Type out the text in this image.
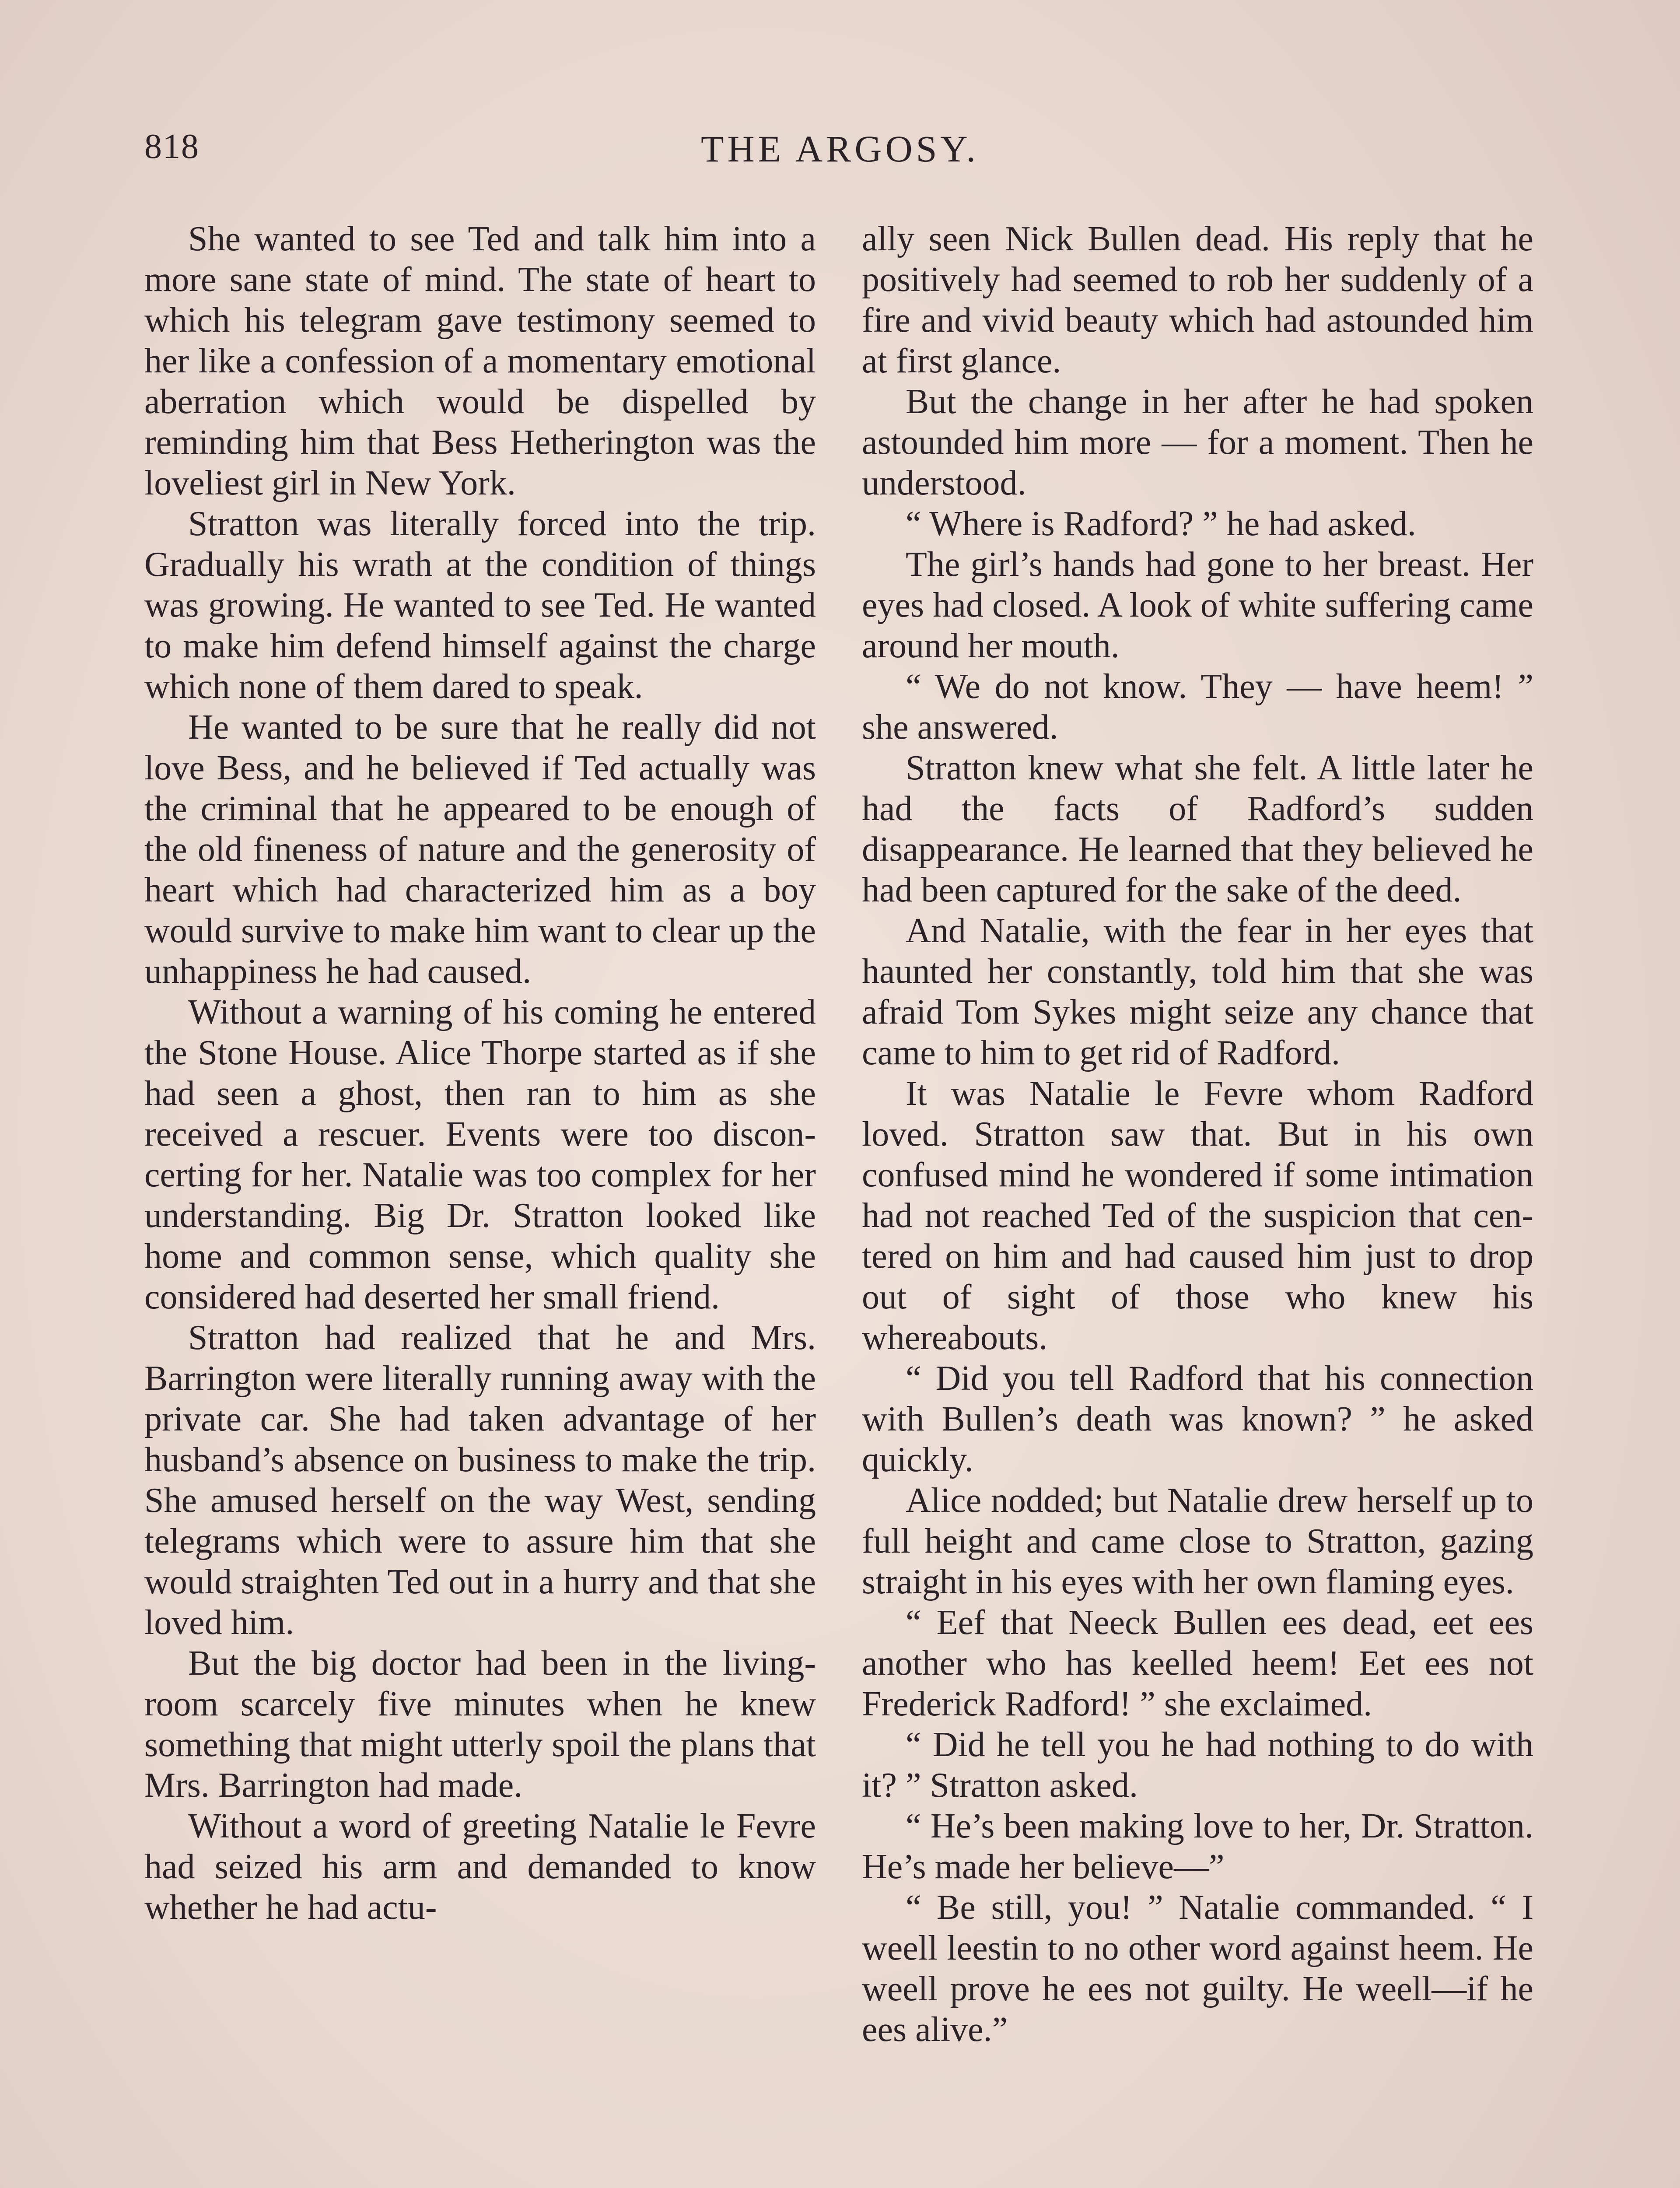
818	THE ARGOSY.

She wanted to see Ted and talk him into a more sane state of mind. The state of heart to which his telegram gave testimony seemed to her like a confession of a momentary emotional aberration which would be dispelled by reminding him that Bess Hetherington was the loveliest girl in New York.

Stratton was literally forced into the trip. Gradually his wrath at the condition of things was growing. He wanted to see Ted. He wanted to make him defend himself against the charge which none of them dared to speak.

He wanted to be sure that he really did not love Bess, and he believed if Ted actually was the criminal that he appeared to be enough of the old fineness of nature and the generosity of heart which had characterized him as a boy would survive to make him want to clear up the unhappiness he had caused.

Without a warning of his coming he entered the Stone House. Alice Thorpe started as if she had seen a ghost, then ran to him as she received a rescuer. Events were too disconcerting for her. Natalie was too complex for her understanding. Big Dr. Stratton looked like home and common sense, which quality she considered had deserted her small friend.

Stratton had realized that he and Mrs. Barrington were literally running away with the private car. She had taken advantage of her husband’s absence on business to make the trip. She amused herself on the way West, sending telegrams which were to assure him that she would straighten Ted out in a hurry and that she loved him.

But the big doctor had been in the living-room scarcely five minutes when he knew something that might utterly spoil the plans that Mrs. Barrington had made.

Without a word of greeting Natalie le Fevre had seized his arm and demanded to know whether he had actu-

ally seen Nick Bullen dead. His reply that he positively had seemed to rob her suddenly of a fire and vivid beauty which had astounded him at first glance.

But the change in her after he had spoken astounded him more — for a moment. Then he understood.

“ Where is Radford? ” he had asked.

The girl’s hands had gone to her breast. Her eyes had closed. A look of white suffering came around her mouth.

“ We do not know. They — have heem! ” she answered.

Stratton knew what she felt. A little later he had the facts of Radford’s sudden disappearance. He learned that they believed he had been captured for the sake of the deed.

And Natalie, with the fear in her eyes that haunted her constantly, told him that she was afraid Tom Sykes might seize any chance that came to him to get rid of Radford.

It was Natalie le Fevre whom Radford loved. Stratton saw that. But in his own confused mind he wondered if some intimation had not reached Ted of the suspicion that centered on him and had caused him just to drop out of sight of those who knew his whereabouts.

“ Did you tell Radford that his connection with Bullen’s death was known? ” he asked quickly.

Alice nodded; but Natalie drew herself up to full height and came close to Stratton, gazing straight in his eyes with her own flaming eyes.

“ Eef that Neeck Bullen ees dead, eet ees another who has keelled heem! Eet ees not Frederick Radford! ” she exclaimed.

“ Did he tell you he had nothing to do with it? ” Stratton asked.

“ He’s been making love to her, Dr. Stratton. He’s made her believe—”

“ Be still, you! ” Natalie commanded. “ I weell leestin to no other word against heem. He weell prove he ees not guilty. He weell—if he ees alive.”
